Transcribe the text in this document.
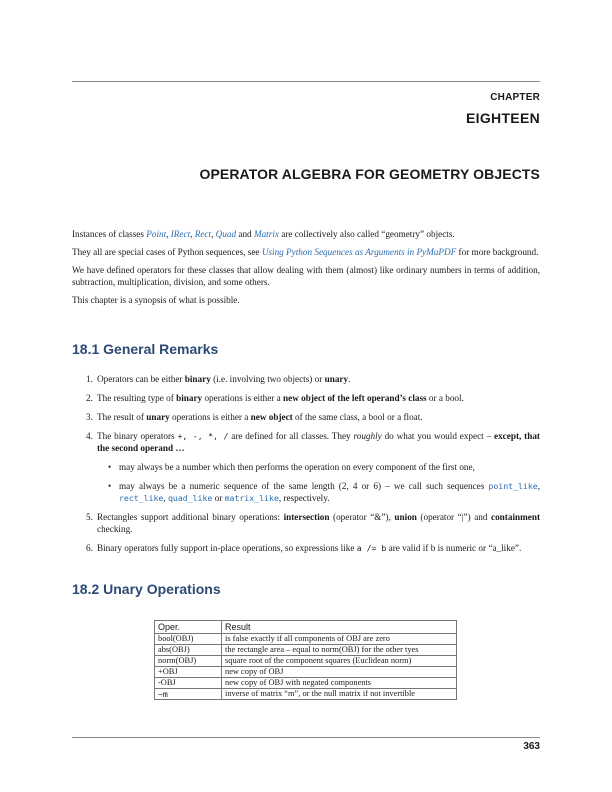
CHAPTER
EIGHTEEN
OPERATOR ALGEBRA FOR GEOMETRY OBJECTS

Instances of classes Point, IRect, Rect, Quad and Matrix are collectively also called “geometry” objects.

They all are special cases of Python sequences, see Using Python Sequences as Arguments in PyMuPDF for more background.

We have defined operators for these classes that allow dealing with them (almost) like ordinary numbers in terms of addition, subtraction, multiplication, division, and some others.

This chapter is a synopsis of what is possible.

18.1 General Remarks
1. Operators can be either binary (i.e. involving two objects) or unary.
2. The resulting type of binary operations is either a new object of the left operand’s class or a bool.
3. The result of unary operations is either a new object of the same class, a bool or a float.
4. The binary operators +, -, *, / are defined for all classes. They roughly do what you would expect – except, that the second operand …
• may always be a number which then performs the operation on every component of the first one,
• may always be a numeric sequence of the same length (2, 4 or 6) – we call such sequences point_like, rect_like, quad_like or matrix_like, respectively.
5. Rectangles support additional binary operations: intersection (operator “&”), union (operator “|”) and containment checking.
6. Binary operators fully support in-place operations, so expressions like a /= b are valid if b is numeric or “a_like”.
18.2 Unary Operations
Oper.	Result
bool(OBJ)	is false exactly if all components of OBJ are zero
abs(OBJ)	the rectangle area – equal to norm(OBJ) for the other tyes
norm(OBJ)	square root of the component squares (Euclidean norm)
+OBJ	new copy of OBJ
-OBJ	new copy of OBJ with negated components
~m	inverse of matrix “m”, or the null matrix if not invertible
363
